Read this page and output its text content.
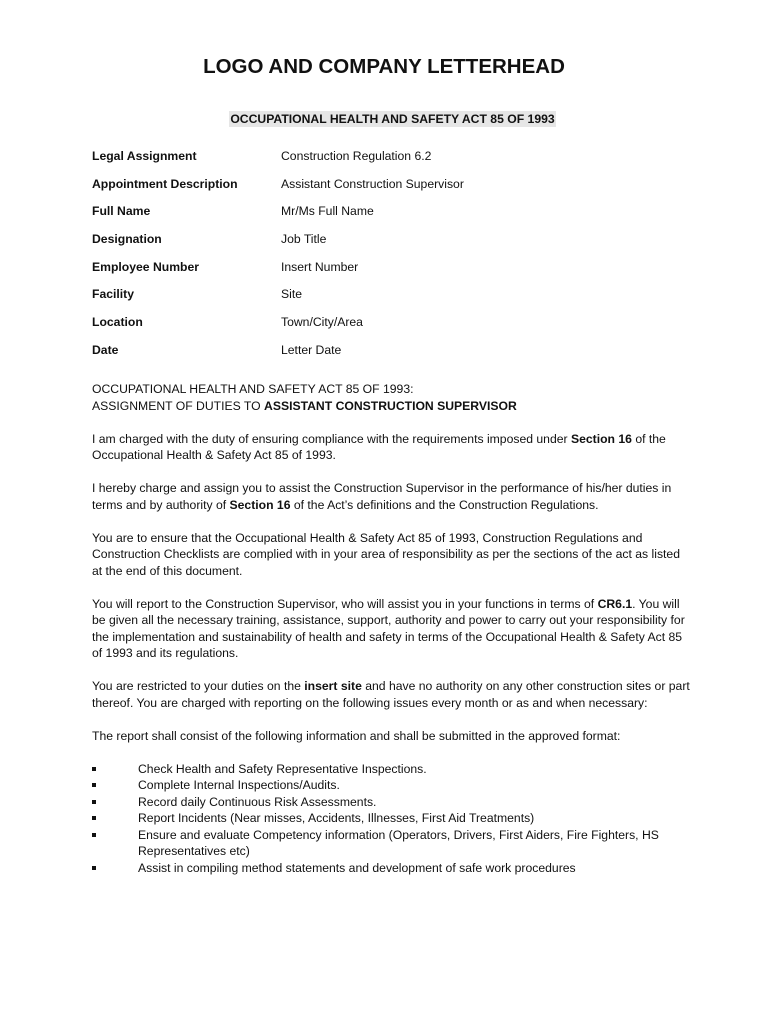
LOGO AND COMPANY LETTERHEAD
OCCUPATIONAL HEALTH AND SAFETY ACT 85 OF 1993
Legal Assignment	Construction Regulation 6.2
Appointment Description	Assistant Construction Supervisor
Full Name	Mr/Ms Full Name
Designation	Job Title
Employee Number	Insert Number
Facility	Site
Location	Town/City/Area
Date	Letter Date

OCCUPATIONAL HEALTH AND SAFETY ACT 85 OF 1993:
ASSIGNMENT OF DUTIES TO ASSISTANT CONSTRUCTION SUPERVISOR

I am charged with the duty of ensuring compliance with the requirements imposed under Section 16 of the Occupational Health & Safety Act 85 of 1993.

I hereby charge and assign you to assist the Construction Supervisor in the performance of his/her duties in terms and by authority of Section 16 of the Act’s definitions and the Construction Regulations.

You are to ensure that the Occupational Health & Safety Act 85 of 1993, Construction Regulations and Construction Checklists are complied with in your area of responsibility as per the sections of the act as listed at the end of this document.

You will report to the Construction Supervisor, who will assist you in your functions in terms of CR6.1. You will be given all the necessary training, assistance, support, authority and power to carry out your responsibility for the implementation and sustainability of health and safety in terms of the Occupational Health & Safety Act 85 of 1993 and its regulations.

You are restricted to your duties on the insert site and have no authority on any other construction sites or part thereof. You are charged with reporting on the following issues every month or as and when necessary:

The report shall consist of the following information and shall be submitted in the approved format:

Check Health and Safety Representative Inspections.
Complete Internal Inspections/Audits.
Record daily Continuous Risk Assessments.
Report Incidents (Near misses, Accidents, Illnesses, First Aid Treatments)
Ensure and evaluate Competency information (Operators, Drivers, First Aiders, Fire Fighters, HS Representatives etc)
Assist in compiling method statements and development of safe work procedures
